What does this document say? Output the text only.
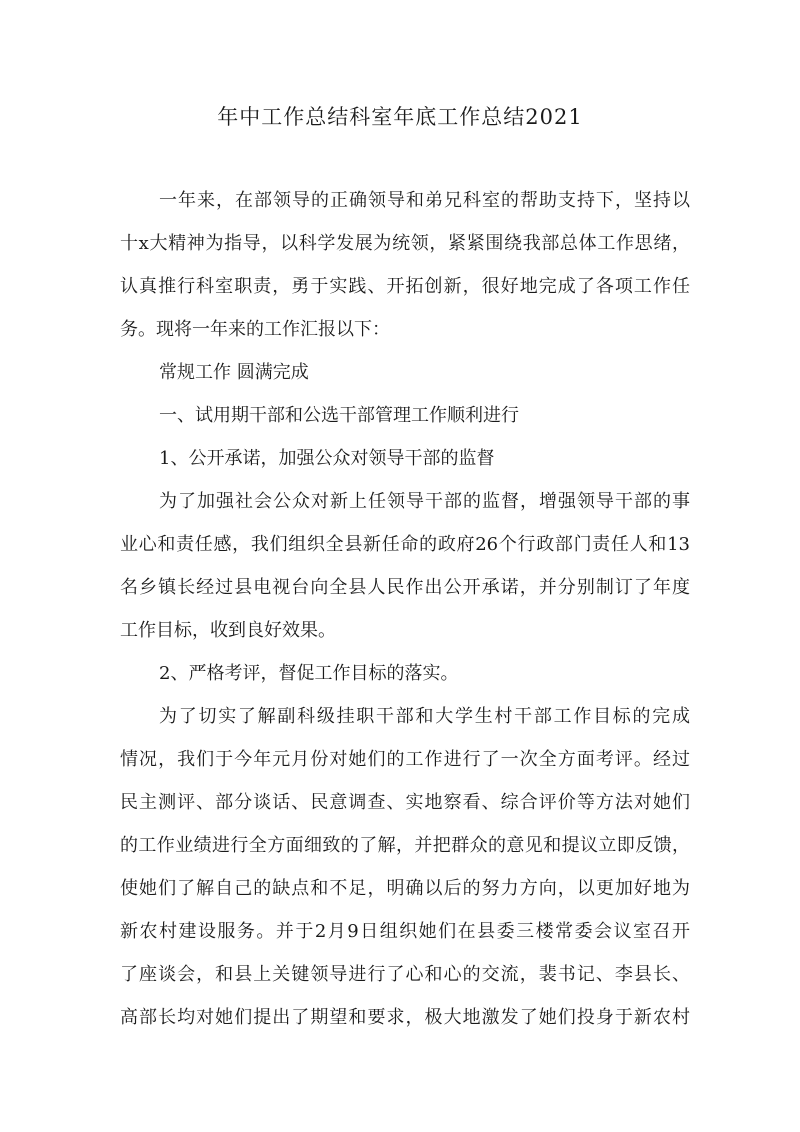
年中工作总结科室年底工作总结2021
一年来，在部领导的正确领导和弟兄科室的帮助支持下，坚持以
十x大精神为指导，以科学发展为统领，紧紧围绕我部总体工作思绪，
认真推行科室职责，勇于实践、开拓创新，很好地完成了各项工作任
务。现将一年来的工作汇报以下：
常规工作 圆满完成
一、试用期干部和公选干部管理工作顺利进行
1、公开承诺，加强公众对领导干部的监督
为了加强社会公众对新上任领导干部的监督，增强领导干部的事
业心和责任感，我们组织全县新任命的政府26个行政部门责任人和13
名乡镇长经过县电视台向全县人民作出公开承诺，并分别制订了年度
工作目标，收到良好效果。
2、严格考评，督促工作目标的落实。
为了切实了解副科级挂职干部和大学生村干部工作目标的完成
情况，我们于今年元月份对她们的工作进行了一次全方面考评。经过
民主测评、部分谈话、民意调查、实地察看、综合评价等方法对她们
的工作业绩进行全方面细致的了解，并把群众的意见和提议立即反馈，
使她们了解自己的缺点和不足，明确以后的努力方向，以更加好地为
新农村建设服务。并于2月9日组织她们在县委三楼常委会议室召开
了座谈会，和县上关键领导进行了心和心的交流，裴书记、李县长、
高部长均对她们提出了期望和要求，极大地激发了她们投身于新农村
